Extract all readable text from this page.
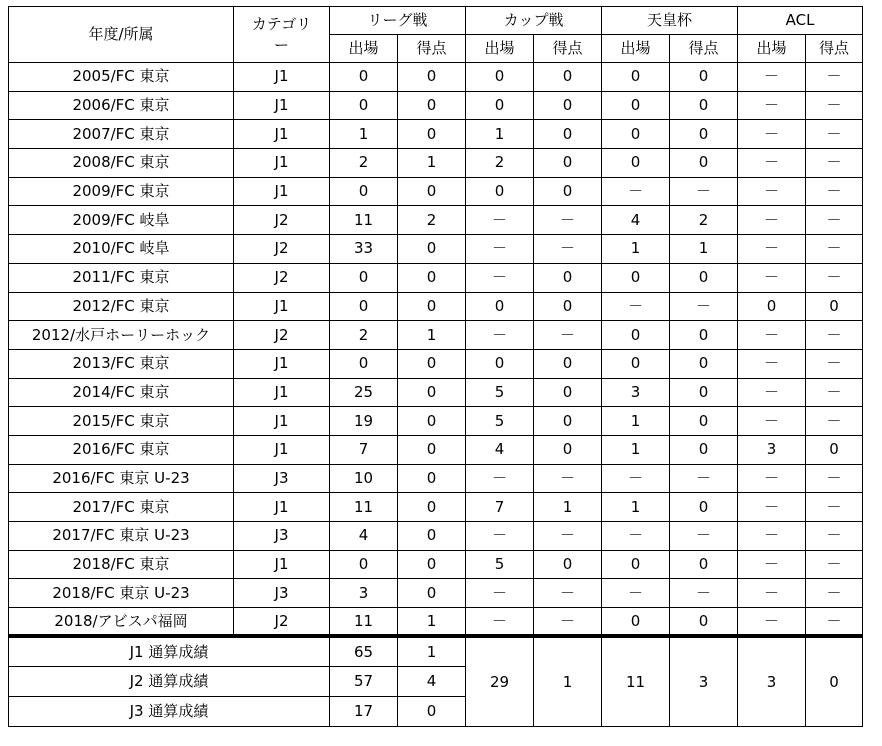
年度/所属	カテゴリー	リーグ戦		カップ戦		天皇杯		ACL	
		出場	得点	出場	得点	出場	得点	出場	得点
2005/FC 東京	J1	0	0	0	0	0	0	－	－
2006/FC 東京	J1	0	0	0	0	0	0	－	－
2007/FC 東京	J1	1	0	1	0	0	0	－	－
2008/FC 東京	J1	2	1	2	0	0	0	－	－
2009/FC 東京	J1	0	0	0	0	－	－	－	－
2009/FC 岐阜	J2	11	2	－	－	4	2	－	－
2010/FC 岐阜	J2	33	0	－	－	1	1	－	－
2011/FC 東京	J2	0	0	－	0	0	0	－	－
2012/FC 東京	J1	0	0	0	0	－	－	0	0
2012/水戸ホーリーホック	J2	2	1	－	－	0	0	－	－
2013/FC 東京	J1	0	0	0	0	0	0	－	－
2014/FC 東京	J1	25	0	5	0	3	0	－	－
2015/FC 東京	J1	19	0	5	0	1	0	－	－
2016/FC 東京	J1	7	0	4	0	1	0	3	0
2016/FC 東京 U-23	J3	10	0	－	－	－	－	－	－
2017/FC 東京	J1	11	0	7	1	1	0	－	－
2017/FC 東京 U-23	J3	4	0	－	－	－	－	－	－
2018/FC 東京	J1	0	0	5	0	0	0	－	－
2018/FC 東京 U-23	J3	3	0	－	－	－	－	－	－
2018/アビスパ福岡	J2	11	1	－	－	0	0	－	－
J1 通算成績		65	1	29	1	11	3	3	0
J2 通算成績		57	4						
J3 通算成績		17	0						
